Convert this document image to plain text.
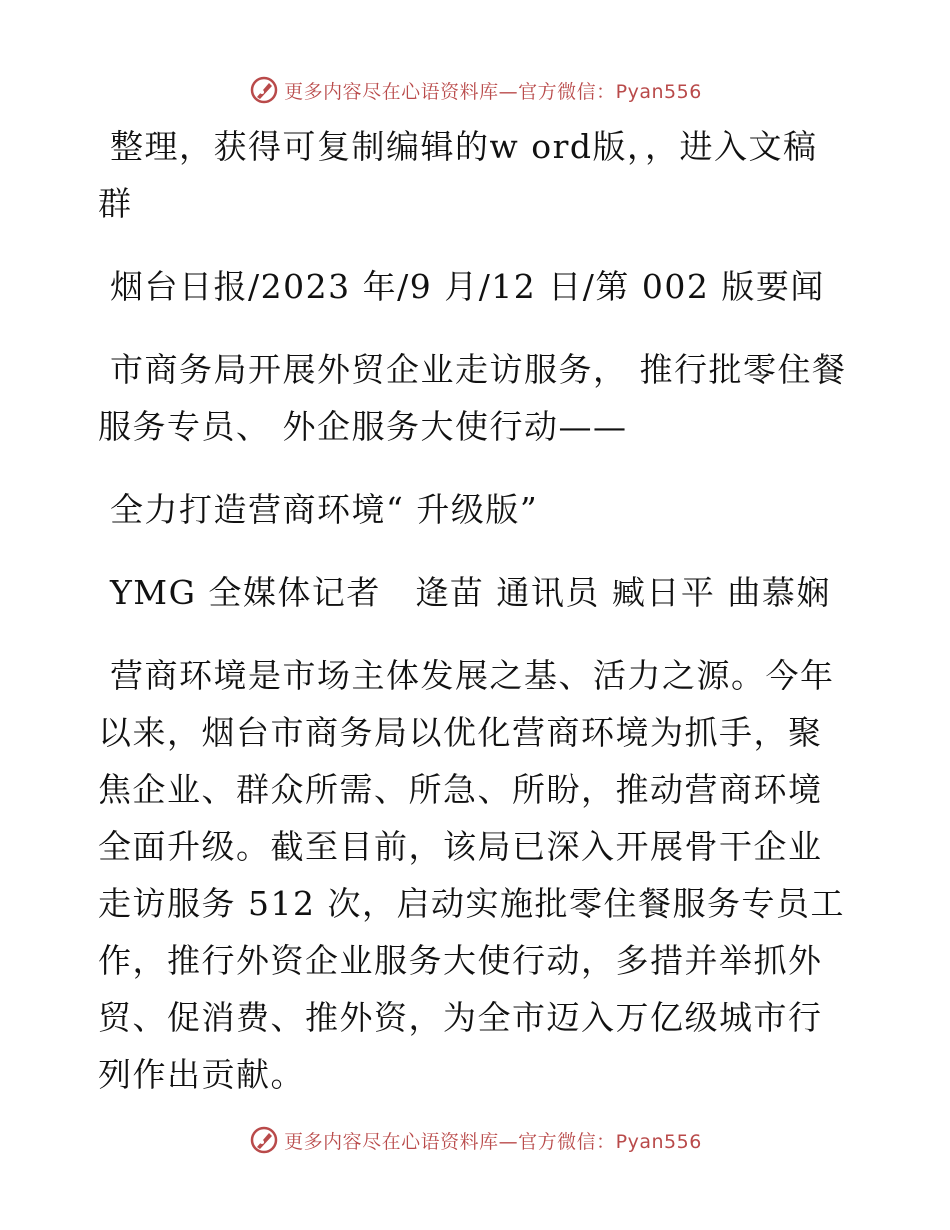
更多内容尽在心语资料库—官方微信：Pyan556

整理，获得可复制编辑的w ord版，，进入文稿群

烟台日报/2023 年/9 月/12 日/第 002 版要闻

市商务局开展外贸企业走访服务， 推行批零住餐服务专员、 外企服务大使行动——

全力打造营商环境“ 升级版”

YMG 全媒体记者　逄苗 通讯员 臧日平 曲慕娴

营商环境是市场主体发展之基、活力之源。今年以来，烟台市商务局以优化营商环境为抓手，聚焦企业、群众所需、所急、所盼，推动营商环境全面升级。截至目前，该局已深入开展骨干企业走访服务 512 次，启动实施批零住餐服务专员工作，推行外资企业服务大使行动，多措并举抓外贸、促消费、推外资，为全市迈入万亿级城市行列作出贡献。

更多内容尽在心语资料库—官方微信：Pyan556
